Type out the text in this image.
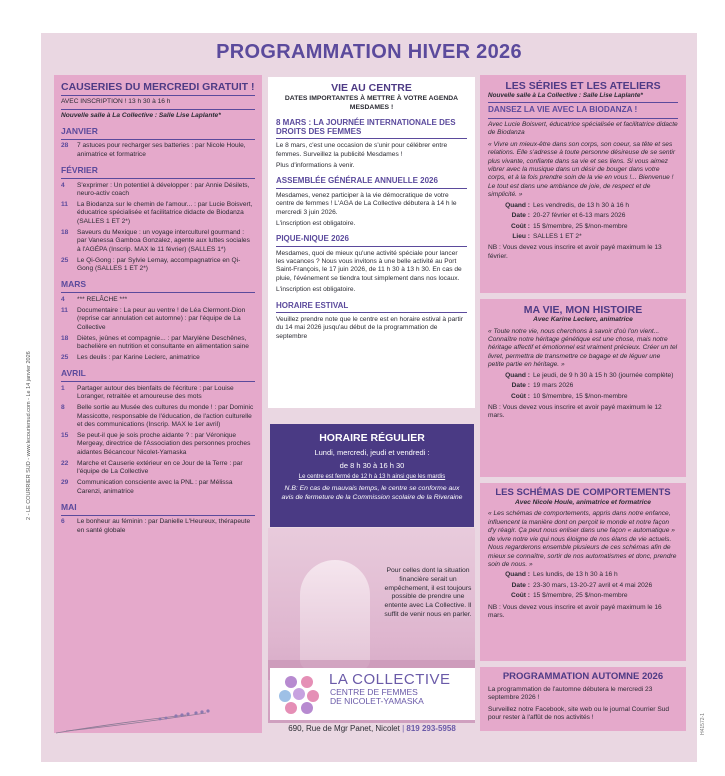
PROGRAMMATION HIVER 2026
2 - LE COURRIER SUD - www.lecouriersud.com - Le 14 janvier 2026
H41572-1
CAUSERIES DU MERCREDI GRATUIT !
AVEC INSCRIPTION ! 13 h 30 à 16 h
Nouvelle salle à La Collective : Salle Lise Laplante*
JANVIER
28	7 astuces pour recharger ses batteries : par Nicole Houle, animatrice et formatrice
FÉVRIER
4	S'exprimer : Un potentiel à développer : par Annie Désilets, neuro-activ coach
11	La Biodanza sur le chemin de l'amour... : par Lucie Boisvert, éducatrice spécialisée et facilitatrice didacte de Biodanza (SALLES 1 ET 2*)
18	Saveurs du Mexique : un voyage interculturel gourmand : par Vanessa Gamboa Gonzalez, agente aux luttes sociales à l'AGÉPA (Inscrip. MAX le 11 février) (SALLES 1*)
25	Le Qi-Gong : par Sylvie Lemay, accompagnatrice en Qi-Gong (SALLES 1 ET 2*)
MARS
4	*** RELÂCHE ***
11	Documentaire : La peur au ventre ! de Léa Clermont-Dion (reprise car annulation cet automne) : par l'équipe de La Collective
18	Diètes, jeûnes et compagnie... : par Marylène Deschênes, bachelière en nutrition et consultante en alimentation saine
25	Les deuils : par Karine Leclerc, animatrice
AVRIL
1	Partager autour des bienfaits de l'écriture : par Louise Loranger, retraitée et amoureuse des mots
8	Belle sortie au Musée des cultures du monde ! : par Dominic Massicotte, responsable de l'éducation, de l'action culturelle et des communications (Inscrip. MAX le 1er avril)
15	Se peut-il que je sois proche aidante ? : par Véronique Mergeay, directrice de l'Association des personnes proches aidantes Bécancour Nicolet-Yamaska
22	Marche et Causerie extérieur en ce Jour de la Terre : par l'équipe de La Collective
29	Communication consciente avec la PNL : par Mélissa Carenzi, animatrice
MAI
6	Le bonheur au féminin : par Danielle L'Heureux, thérapeute en santé globale
VIE AU CENTRE
DATES IMPORTANTES À METTRE À VOTRE AGENDA MESDAMES !
8 MARS : LA JOURNÉE INTERNATIONALE DES DROITS DES FEMMES

Le 8 mars, c'est une occasion de s'unir pour célébrer entre femmes. Surveillez la publicité Mesdames !

Plus d'informations à venir.

ASSEMBLÉE GÉNÉRALE ANNUELLE 2026

Mesdames, venez participer à la vie démocratique de votre centre de femmes ! L'AGA de La Collective débutera à 14 h le mercredi 3 juin 2026.

L'inscription est obligatoire.

PIQUE-NIQUE 2026

Mesdames, quoi de mieux qu'une activité spéciale pour lancer les vacances ? Nous vous invitons à une belle activité au Port Saint-François, le 17 juin 2026, de 11 h 30 à 13 h 30. En cas de pluie, l'événement se tiendra tout simplement dans nos locaux.

L'inscription est obligatoire.

HORAIRE ESTIVAL

Veuillez prendre note que le centre est en horaire estival à partir du 14 mai 2026 jusqu'au début de la programmation de septembre

HORAIRE RÉGULIER
Lundi, mercredi, jeudi et vendredi :
de 8 h 30 à 16 h 30
Le centre est fermé de 12 h à 13 h ainsi que les mardis
N.B: En cas de mauvais temps, le centre se conforme aux avis de fermeture de la Commission scolaire de la Riveraine
Pour celles dont la situation financière serait un empêchement, il est toujours possible de prendre une entente avec La Collective. Il suffit de venir nous en parler.
LA COLLECTIVE
CENTRE DE FEMMES
DE NICOLET-YAMASKA
690, Rue de Mgr Panet, Nicolet | 819 293-5958
LES SÉRIES ET LES ATELIERS
Nouvelle salle à La Collective : Salle Lise Laplante*
DANSEZ LA VIE AVEC LA BIODANZA !
Avec Lucie Boisvert, éducatrice spécialisée et facilitatrice didacte de Biodanza

« Vivre un mieux-être dans son corps, son coeur, sa tête et ses relations. Elle s'adresse à toute personne désireuse de se sentir plus vivante, confiante dans sa vie et ses liens. Si vous aimez vibrer avec la musique dans un désir de bouger dans votre corps, et à la fois prendre soin de la vie en vous !... Bienvenue ! Le tout est dans une ambiance de joie, de respect et de simplicité. »

Quand : Les vendredis, de 13 h 30 à 16 h
Date : 20-27 février et 6-13 mars 2026
Coût : 15 $/membre, 25 $/non-membre
Lieu : SALLES 1 ET 2*

NB : Vous devez vous inscrire et avoir payé maximum le 13 février.

MA VIE, MON HISTOIRE
Avec Karine Leclerc, animatrice

« Toute notre vie, nous cherchons à savoir d'où l'on vient... Connaître notre héritage génétique est une chose, mais notre héritage affectif et émotionnel est vraiment précieux. Créer un tel livret, permettra de transmettre ce bagage et de léguer une petite partie en héritage. »

Quand : Le jeudi, de 9 h 30 à 15 h 30 (journée complète)
Date : 19 mars 2026
Coût : 10 $/membre, 15 $/non-membre

NB : Vous devez vous inscrire et avoir payé maximum le 12 mars.

LES SCHÉMAS DE COMPORTEMENTS
Avec Nicole Houle, animatrice et formatrice

« Les schémas de comportements, appris dans notre enfance, influencent la manière dont on perçoit le monde et notre façon d'y réagir. Ça peut nous enliser dans une façon « automatique » de vivre notre vie qui nous éloigne de nos élans de vie actuels. Nous regarderons ensemble plusieurs de ces schémas afin de mieux se connaître, sortir de nos automatismes et donc, prendre soin de nous. »

Quand : Les lundis, de 13 h 30 à 16 h
Date : 23-30 mars, 13-20-27 avril et 4 mai 2026
Coût : 15 $/membre, 25 $/non-membre

NB : Vous devez vous inscrire et avoir payé maximum le 16 mars.

PROGRAMMATION AUTOMNE 2026

La programmation de l'automne débutera le mercredi 23 septembre 2026 !

Surveillez notre Facebook, site web ou le journal Courrier Sud pour rester à l'affût de nos activités !
